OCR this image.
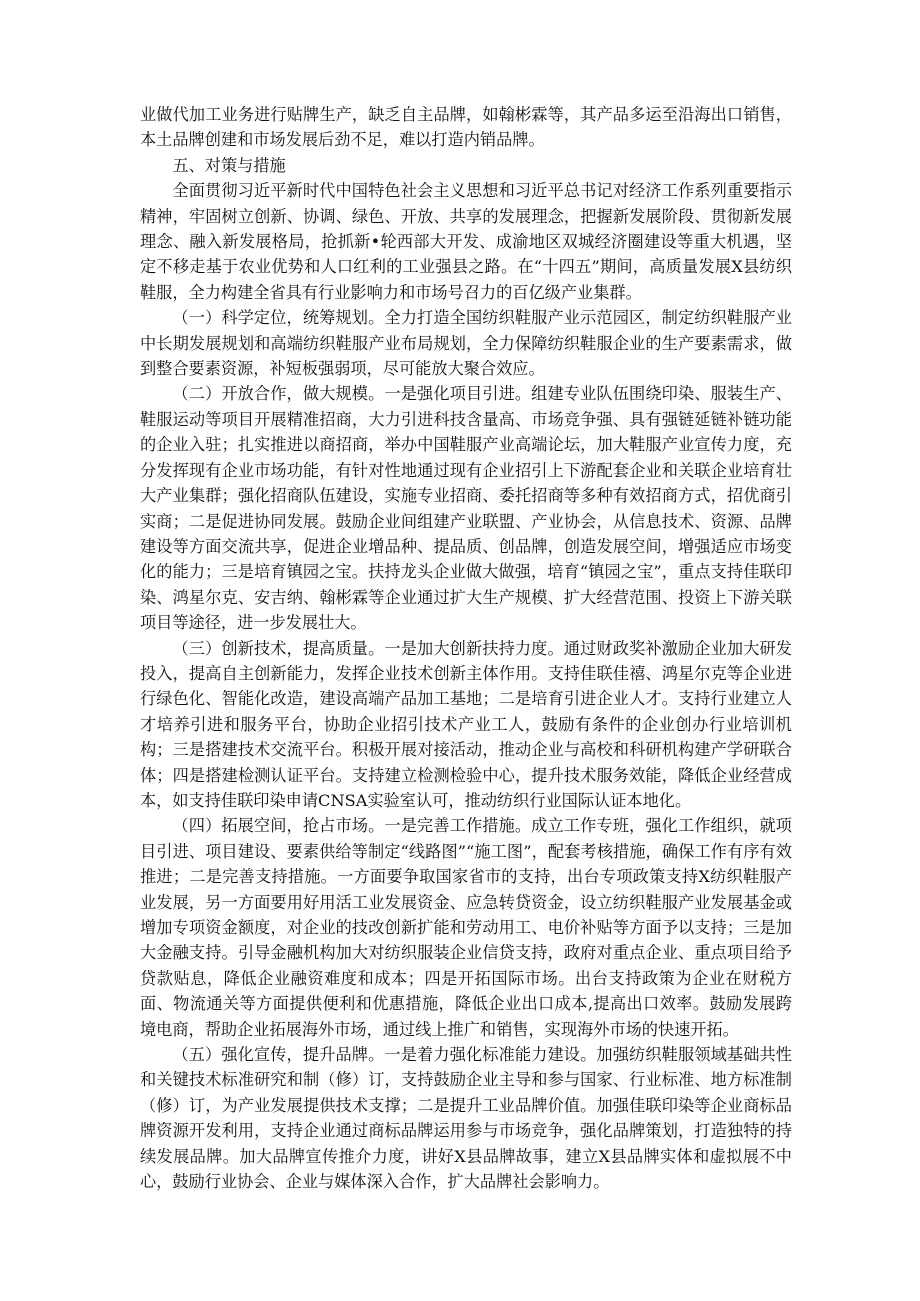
业做代加工业务进行贴牌生产，缺乏自主品牌，如翰彬霖等，其产品多运至沿海出口销售，本土品牌创建和市场发展后劲不足，难以打造内销品牌。

五、对策与措施

全面贯彻习近平新时代中国特色社会主义思想和习近平总书记对经济工作系列重要指示精神，牢固树立创新、协调、绿色、开放、共享的发展理念，把握新发展阶段、贯彻新发展理念、融入新发展格局，抢抓新•轮西部大开发、成渝地区双城经济圈建设等重大机遇，坚定不移走基于农业优势和人口红利的工业强县之路。在“十四五”期间，高质量发展X县纺织鞋服，全力构建全省具有行业影响力和市场号召力的百亿级产业集群。

（一）科学定位，统筹规划。全力打造全国纺织鞋服产业示范园区，制定纺织鞋服产业中长期发展规划和高端纺织鞋服产业布局规划，全力保障纺织鞋服企业的生产要素需求，做到整合要素资源，补短板强弱项，尽可能放大聚合效应。

（二）开放合作，做大规模。一是强化项目引进。组建专业队伍围绕印染、服装生产、鞋服运动等项目开展精准招商，大力引进科技含量高、市场竞争强、具有强链延链补链功能的企业入驻；扎实推进以商招商，举办中国鞋服产业高端论坛，加大鞋服产业宣传力度，充分发挥现有企业市场功能，有针对性地通过现有企业招引上下游配套企业和关联企业培育壮大产业集群；强化招商队伍建设，实施专业招商、委托招商等多种有效招商方式，招优商引实商；二是促进协同发展。鼓励企业间组建产业联盟、产业协会，从信息技术、资源、品牌建设等方面交流共享，促进企业增品种、提品质、创品牌，创造发展空间，增强适应市场变化的能力；三是培育镇园之宝。扶持龙头企业做大做强，培育“镇园之宝”，重点支持佳联印染、鸿星尔克、安吉纳、翰彬霖等企业通过扩大生产规模、扩大经营范围、投资上下游关联项目等途径，进一步发展壮大。

（三）创新技术，提高质量。一是加大创新扶持力度。通过财政奖补激励企业加大研发投入，提高自主创新能力，发挥企业技术创新主体作用。支持佳联佳禧、鸿星尔克等企业进行绿色化、智能化改造，建设高端产品加工基地；二是培育引进企业人才。支持行业建立人才培养引进和服务平台，协助企业招引技术产业工人，鼓励有条件的企业创办行业培训机构；三是搭建技术交流平台。积极开展对接活动，推动企业与高校和科研机构建产学研联合体；四是搭建检测认证平台。支持建立检测检验中心，提升技术服务效能，降低企业经营成本，如支持佳联印染申请CNSA实验室认可，推动纺织行业国际认证本地化。

（四）拓展空间，抢占市场。一是完善工作措施。成立工作专班，强化工作组织，就项目引进、项目建设、要素供给等制定“线路图”“施工图”，配套考核措施，确保工作有序有效推进；二是完善支持措施。一方面要争取国家省市的支持，出台专项政策支持X纺织鞋服产业发展，另一方面要用好用活工业发展资金、应急转贷资金，设立纺织鞋服产业发展基金或增加专项资金额度，对企业的技改创新扩能和劳动用工、电价补贴等方面予以支持；三是加大金融支持。引导金融机构加大对纺织服装企业信贷支持，政府对重点企业、重点项目给予贷款贴息，降低企业融资难度和成本；四是开拓国际市场。出台支持政策为企业在财税方面、物流通关等方面提供便利和优惠措施，降低企业出口成本,提高出口效率。鼓励发展跨境电商，帮助企业拓展海外市场，通过线上推广和销售，实现海外市场的快速开拓。

（五）强化宣传，提升品牌。一是着力强化标准能力建设。加强纺织鞋服领域基础共性和关键技术标准研究和制（修）订，支持鼓励企业主导和参与国家、行业标准、地方标准制（修）订，为产业发展提供技术支撑；二是提升工业品牌价值。加强佳联印染等企业商标品牌资源开发利用，支持企业通过商标品牌运用参与市场竞争，强化品牌策划，打造独特的持续发展品牌。加大品牌宣传推介力度，讲好X县品牌故事，建立X县品牌实体和虚拟展不中心，鼓励行业协会、企业与媒体深入合作，扩大品牌社会影响力。
